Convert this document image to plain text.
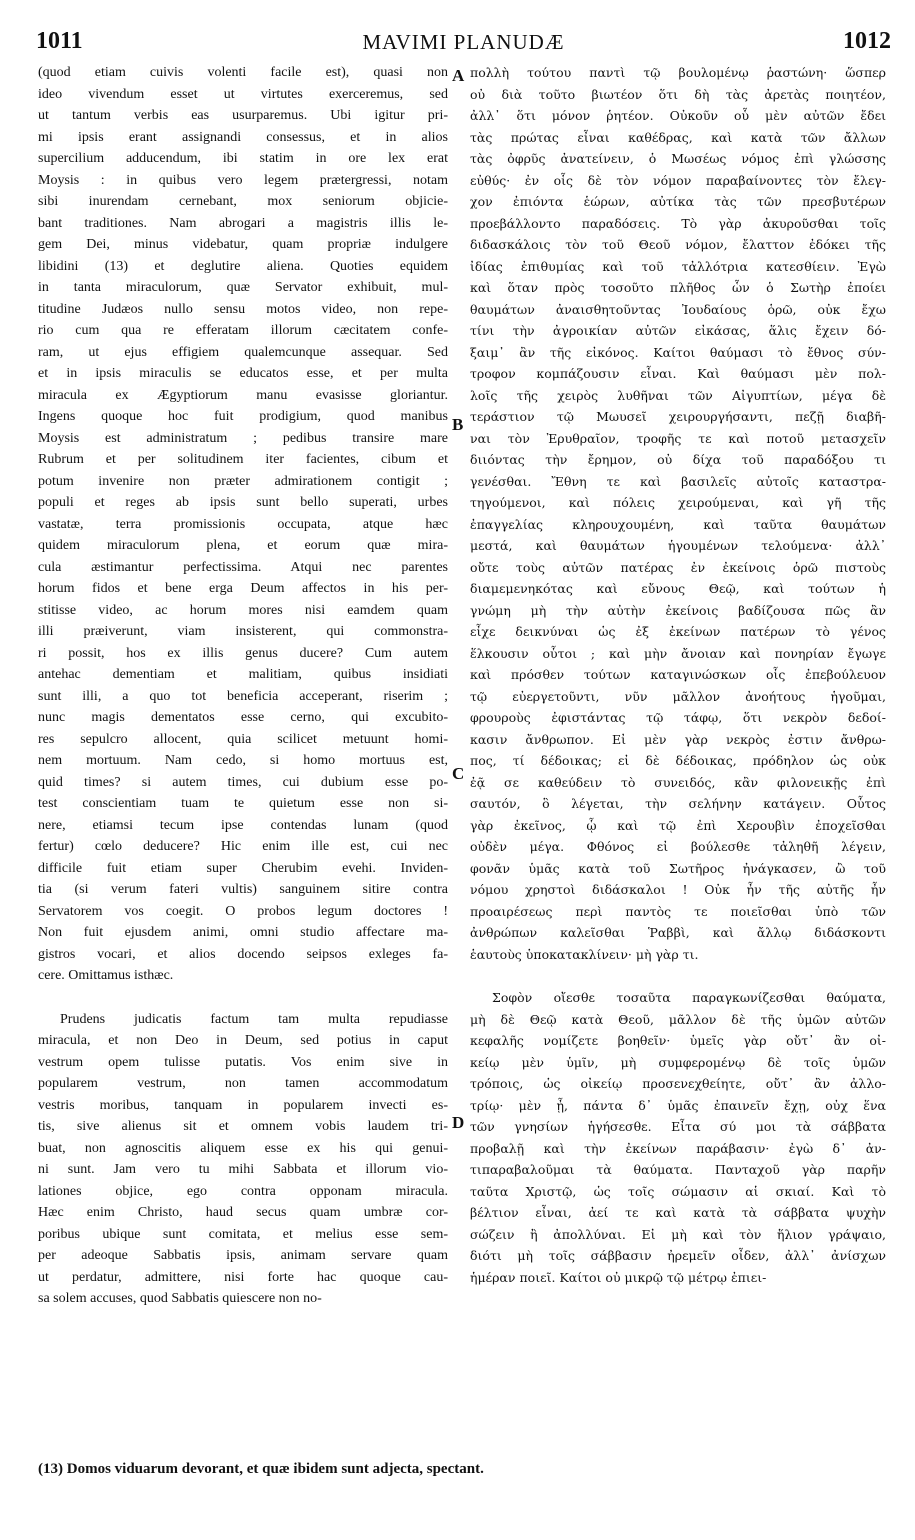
1011	MAVIMI PLANUDÆ	1012
(quod etiam cuivis volenti facile est), quasi non
ideo vivendum esset ut virtutes exerceremus, sed
ut tantum verbis eas usurparemus. Ubi igitur pri-
mi ipsis erant assignandi consessus, et in alios
supercilium adducendum, ibi statim in ore lex erat
Moysis : in quibus vero legem prætergressi, notam
sibi inurendam cernebant, mox seniorum objicie-
bant traditiones. Nam abrogari a magistris illis le-
gem Dei, minus videbatur, quam propriæ indulgere
libidini (13) et deglutire aliena. Quoties equidem
in tanta miraculorum, quæ Servator exhibuit, mul-
titudine Judæos nullo sensu motos video, non repe-
rio cum qua re efferatam illorum cæcitatem confe-
ram, ut ejus effigiem qualemcunque assequar. Sed
et in ipsis miraculis se educatos esse, et per multa
miracula ex Ægyptiorum manu evasisse gloriantur.
Ingens quoque hoc fuit prodigium, quod manibus
Moysis est administratum ; pedibus transire mare
Rubrum et per solitudinem iter facientes, cibum et
potum invenire non præter admirationem contigit ;
populi et reges ab ipsis sunt bello superati, urbes
vastatæ, terra promissionis occupata, atque hæc
quidem miraculorum plena, et eorum quæ mira-
cula æstimantur perfectissima. Atqui nec parentes
horum fidos et bene erga Deum affectos in his per-
stitisse video, ac horum mores nisi eamdem quam
illi præiverunt, viam insisterent, qui commonstra-
ri possit, hos ex illis genus ducere? Cum autem
antehac dementiam et malitiam, quibus insidiati
sunt illi, a quo tot beneficia acceperant, riserim ;
nunc magis dementatos esse cerno, qui excubito-
res sepulcro allocent, quia scilicet metuunt homi-
nem mortuum. Nam cedo, si homo mortuus est,
quid times? si autem times, cui dubium esse po-
test conscientiam tuam te quietum esse non si-
nere, etiamsi tecum ipse contendas lunam (quod
fertur) cœlo deducere? Hic enim ille est, cui nec
difficile fuit etiam super Cherubim evehi. Inviden-
tia (si verum fateri vultis) sanguinem sitire contra
Servatorem vos coegit. O probos legum doctores !
Non fuit ejusdem animi, omni studio affectare ma-
gistros vocari, et alios docendo seipsos exleges fa-
cere. Omittamus isthæc.
Prudens judicatis factum tam multa repudiasse
miracula, et non Deo in Deum, sed potius in caput
vestrum opem tulisse putatis. Vos enim sive in
popularem vestrum, non tamen accommodatum
vestris moribus, tanquam in popularem invecti es-
tis, sive alienus sit et omnem vobis laudem tri-
buat, non agnoscitis aliquem esse ex his qui genui-
ni sunt. Jam vero tu mihi Sabbata et illorum vio-
lationes objice, ego contra opponam miracula.
Hæc enim Christo, haud secus quam umbræ cor-
poribus ubique sunt comitata, et melius esse sem-
per adeoque Sabbatis ipsis, animam servare quam
ut perdatur, admittere, nisi forte hac quoque cau-
sa solem accuses, quod Sabbatis quiescere non no-
πολλὴ τούτου παντὶ τῷ βουλομένῳ ῥαστώνη· ὥσπερ
οὐ διὰ τοῦτο βιωτέον ὅτι δὴ τὰς ἀρετὰς ποιητέον,
ἀλλ᾽ ὅτι μόνον ῥητέον. Οὐκοῦν οὗ μὲν αὐτῶν ἔδει
τὰς πρώτας εἶναι καθέδρας, καὶ κατὰ τῶν ἄλλων
τὰς ὀφρῦς ἀνατείνειν, ὁ Μωσέως νόμος ἐπὶ γλώσσης
εὐθύς· ἐν οἷς δὲ τὸν νόμον παραβαίνοντες τὸν ἔλεγ-
χον ἐπιόντα ἑώρων, αὐτίκα τὰς τῶν πρεσβυτέρων
προεβάλλοντο παραδόσεις. Τὸ γὰρ ἀκυροῦσθαι τοῖς
διδασκάλοις τὸν τοῦ Θεοῦ νόμον, ἔλαττον ἐδόκει τῆς
ἰδίας ἐπιθυμίας καὶ τοῦ τἀλλότρια κατεσθίειν. Ἐγὼ
καὶ ὅταν πρὸς τοσοῦτο πλῆθος ὧν ὁ Σωτὴρ ἐποίει
θαυμάτων ἀναισθητοῦντας Ἰουδαίους ὁρῶ, οὐκ ἔχω
τίνι τὴν ἀγροικίαν αὐτῶν εἰκάσας, ἅλις ἔχειν δό-
ξαιμ᾽ ἂν τῆς εἰκόνος. Καίτοι θαύμασι τὸ ἔθνος σύν-
τροφον κομπάζουσιν εἶναι. Καὶ θαύμασι μὲν πολ-
λοῖς τῆς χειρὸς λυθῆναι τῶν Αἰγυπτίων, μέγα δὲ
τεράστιον τῷ Μωυσεῖ χειρουργήσαντι, πεζῇ διαβῆ-
ναι τὸν Ἐρυθραῖον, τροφῆς τε καὶ ποτοῦ μετασχεῖν
διιόντας τὴν ἔρημον, οὐ δίχα τοῦ παραδόξου τι
γενέσθαι. Ἔθνη τε καὶ βασιλεῖς αὐτοῖς καταστρα-
τηγούμενοι, καὶ πόλεις χειρούμεναι, καὶ γῆ τῆς
ἐπαγγελίας κληρουχουμένη, καὶ ταῦτα θαυμάτων
μεστά, καὶ θαυμάτων ἡγουμένων τελούμενα· ἀλλ᾽
οὔτε τοὺς αὐτῶν πατέρας ἐν ἐκείνοις ὁρῶ πιστοὺς
διαμεμενηκότας καὶ εὔνους Θεῷ, καὶ τούτων ἡ
γνώμη μὴ τὴν αὐτὴν ἐκείνοις βαδίζουσα πῶς ἂν
εἶχε δεικνύναι ὡς ἐξ ἐκείνων πατέρων τὸ γένος
ἕλκουσιν οὗτοι ; καὶ μὴν ἄνοιαν καὶ πονηρίαν ἔγωγε
καὶ πρόσθεν τούτων καταγινώσκων οἷς ἐπεβούλευον
τῷ εὐεργετοῦντι, νῦν μᾶλλον ἀνοήτους ἡγοῦμαι,
φρουροὺς ἐφιστάντας τῷ τάφῳ, ὅτι νεκρὸν δεδοί-
κασιν ἄνθρωπον. Εἰ μὲν γὰρ νεκρὸς ἐστιν ἄνθρω-
πος, τί δέδοικας; εἰ δὲ δέδοικας, πρόδηλον ὡς οὐκ
ἐᾷ σε καθεύδειν τὸ συνειδός, κἂν φιλονεικῇς ἐπὶ
σαυτόν, ὃ λέγεται, τὴν σελήνην κατάγειν. Οὗτος
γὰρ ἐκεῖνος, ᾧ καὶ τῷ ἐπὶ Χερουβὶν ἐποχεῖσθαι
οὐδὲν μέγα. Φθόνος εἰ βούλεσθε τἀληθῆ λέγειν,
φονᾶν ὑμᾶς κατὰ τοῦ Σωτῆρος ἠνάγκασεν, ὢ τοῦ
νόμου χρηστοὶ διδάσκαλοι ! Οὐκ ἦν τῆς αὐτῆς ἦν
προαιρέσεως περὶ παντὸς τε ποιεῖσθαι ὑπὸ τῶν
ἀνθρώπων καλεῖσθαι Ῥαββὶ, καὶ ἄλλῳ διδάσκοντι
ἑαυτοὺς ὑποκατακλίνειν· μὴ γὰρ τι.
Σοφὸν οἴεσθε τοσαῦτα παραγκωνίζεσθαι θαύματα,
μὴ δὲ Θεῷ κατὰ Θεοῦ, μᾶλλον δὲ τῆς ὑμῶν αὐτῶν
κεφαλῆς νομίζετε βοηθεῖν· ὑμεῖς γὰρ οὔτ᾽ ἂν οἰ-
κείῳ μὲν ὑμῖν, μὴ συμφερομένῳ δὲ τοῖς ὑμῶν
τρόποις, ὡς οἰκείῳ προσενεχθείητε, οὔτ᾽ ἂν ἀλλο-
τρίῳ· μὲν ᾖ, πάντα δ᾽ ὑμᾶς ἐπαινεῖν ἔχῃ, οὐχ ἕνα
τῶν γνησίων ἡγήσεσθε. Εἶτα σύ μοι τὰ σάββατα
προβαλῇ καὶ τὴν ἐκείνων παράβασιν· ἐγὼ δ᾽ ἀν-
τιπαραβαλοῦμαι τὰ θαύματα. Πανταχοῦ γὰρ παρῆν
ταῦτα Χριστῷ, ὡς τοῖς σώμασιν αἱ σκιαί. Καὶ τὸ
βέλτιον εἶναι, ἀεί τε καὶ κατὰ τὰ σάββατα ψυχὴν
σώζειν ἢ ἀπολλύναι. Εἰ μὴ καὶ τὸν ἥλιον γράψαιο,
διότι μὴ τοῖς σάββασιν ἠρεμεῖν οἶδεν, ἀλλ᾽ ἀνίσχων
ἡμέραν ποιεῖ. Καίτοι οὐ μικρῷ τῷ μέτρῳ ἐπιει-
A
B
C
D
(13) Domos viduarum devorant, et quæ ibidem sunt adjecta, spectant.
